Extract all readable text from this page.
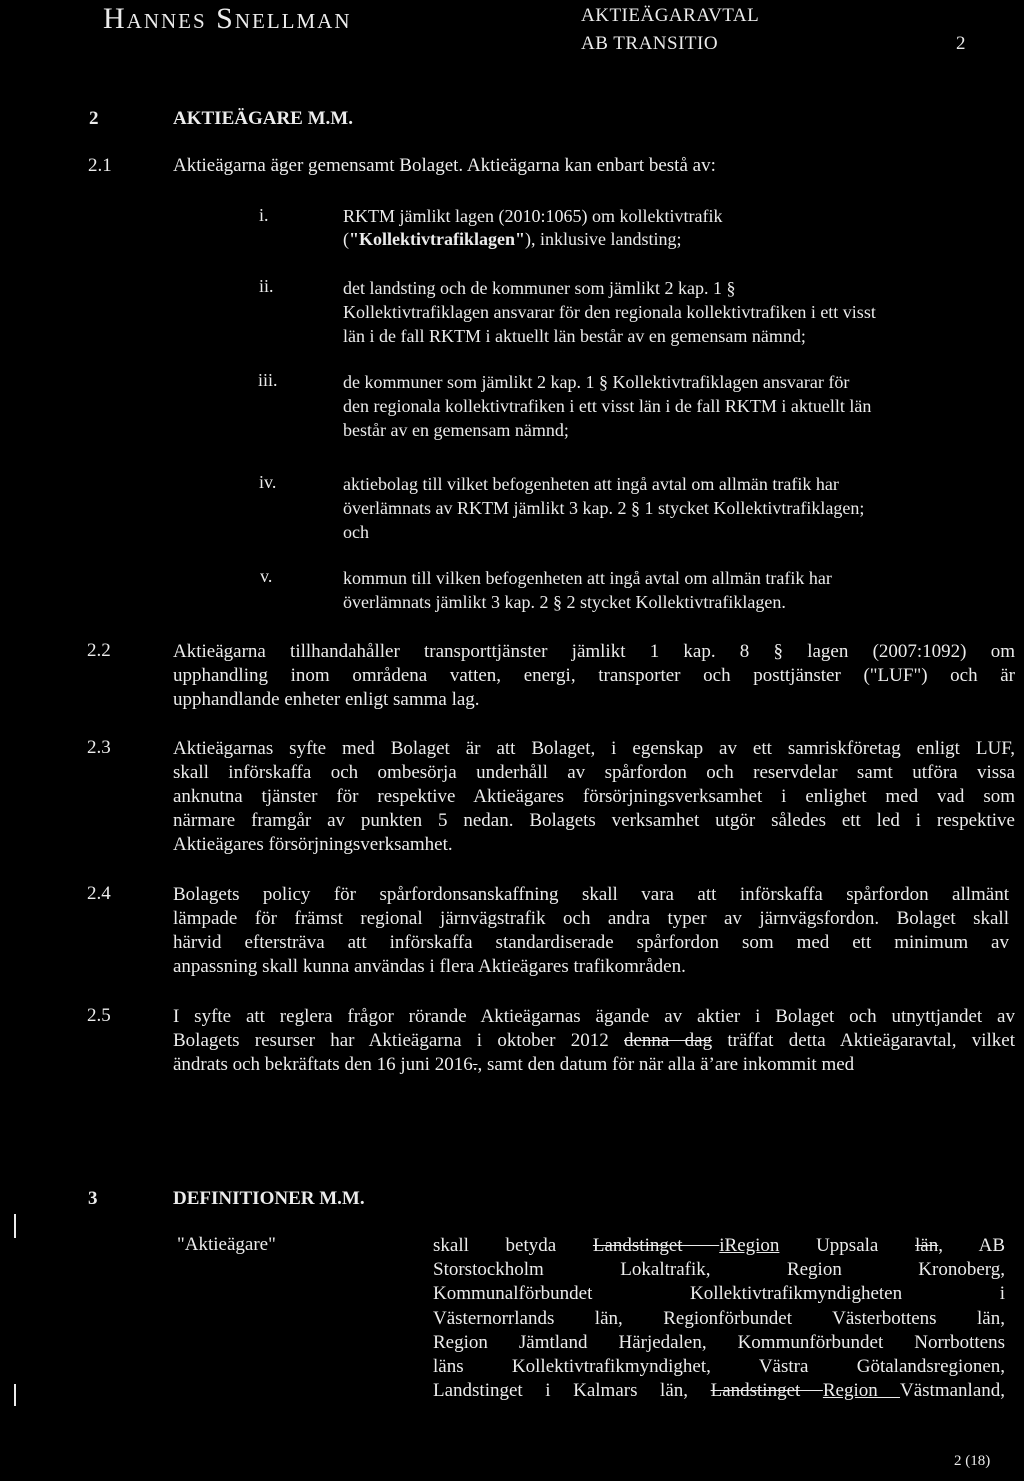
Hannes Snellman	AKTIEÄGARAVTAL
AB TRANSITIO	2
2	AKTIEÄGARE M.M.
2.1	Aktieägarna äger gemensamt Bolaget. Aktieägarna kan enbart bestå av:
i.	RKTM jämlikt lagen (2010:1065) om kollektivtrafik
("Kollektivtrafiklagen"), inklusive landsting;
ii.	det landsting och de kommuner som jämlikt 2 kap. 1 §
Kollektivtrafiklagen ansvarar för den regionala kollektivtrafiken i ett visst
län i de fall RKTM i aktuellt län består av en gemensam nämnd;
iii.	de kommuner som jämlikt 2 kap. 1 § Kollektivtrafiklagen ansvarar för
den regionala kollektivtrafiken i ett visst län i de fall RKTM i aktuellt län
består av en gemensam nämnd;
iv.	aktiebolag till vilket befogenheten att ingå avtal om allmän trafik har
överlämnats av RKTM jämlikt 3 kap. 2 § 1 stycket Kollektivtrafiklagen;
och
v.	kommun till vilken befogenheten att ingå avtal om allmän trafik har
överlämnats jämlikt 3 kap. 2 § 2 stycket Kollektivtrafiklagen.
2.2	Aktieägarna tillhandahåller transporttjänster jämlikt 1 kap. 8 § lagen (2007:1092) om
upphandling inom områdena vatten, energi, transporter och posttjänster ("LUF") och är
upphandlande enheter enligt samma lag.
2.3	Aktieägarnas syfte med Bolaget är att Bolaget, i egenskap av ett samriskföretag enligt LUF,
skall införskaffa och ombesörja underhåll av spårfordon och reservdelar samt utföra vissa
anknutna tjänster för respektive Aktieägares försörjningsverksamhet i enlighet med vad som
närmare framgår av punkten 5 nedan. Bolagets verksamhet utgör således ett led i respektive
Aktieägares försörjningsverksamhet.
2.4	Bolagets policy för spårfordonsanskaffning skall vara att införskaffa spårfordon allmänt
lämpade för främst regional järnvägstrafik och andra typer av järnvägsfordon. Bolaget skall
härvid eftersträva att införskaffa standardiserade spårfordon som med ett minimum av
anpassning skall kunna användas i flera Aktieägares trafikområden.
2.5	I syfte att reglera frågor rörande Aktieägarnas ägande av aktier i Bolaget och utnyttjandet av
Bolagets resurser har Aktieägarna i oktober 2012 denna dag träffat detta Aktieägaravtal, vilket
ändrats och bekräftats den 16 juni 2016., samt den datum för när alla ä’are inkommit med
3	DEFINITIONER M.M.
"Aktieägare"	skall betyda Landstinget iRegion Uppsala län, AB
Storstockholm Lokaltrafik, Region Kronoberg,
Kommunalförbundet Kollektivtrafikmyndigheten i
Västernorrlands län, Regionförbundet Västerbottens län,
Region Jämtland Härjedalen, Kommunförbundet Norrbottens
läns Kollektivtrafikmyndighet, Västra Götalandsregionen,
Landstinget i Kalmars län, Landstinget Region Västmanland,
2 (18)
